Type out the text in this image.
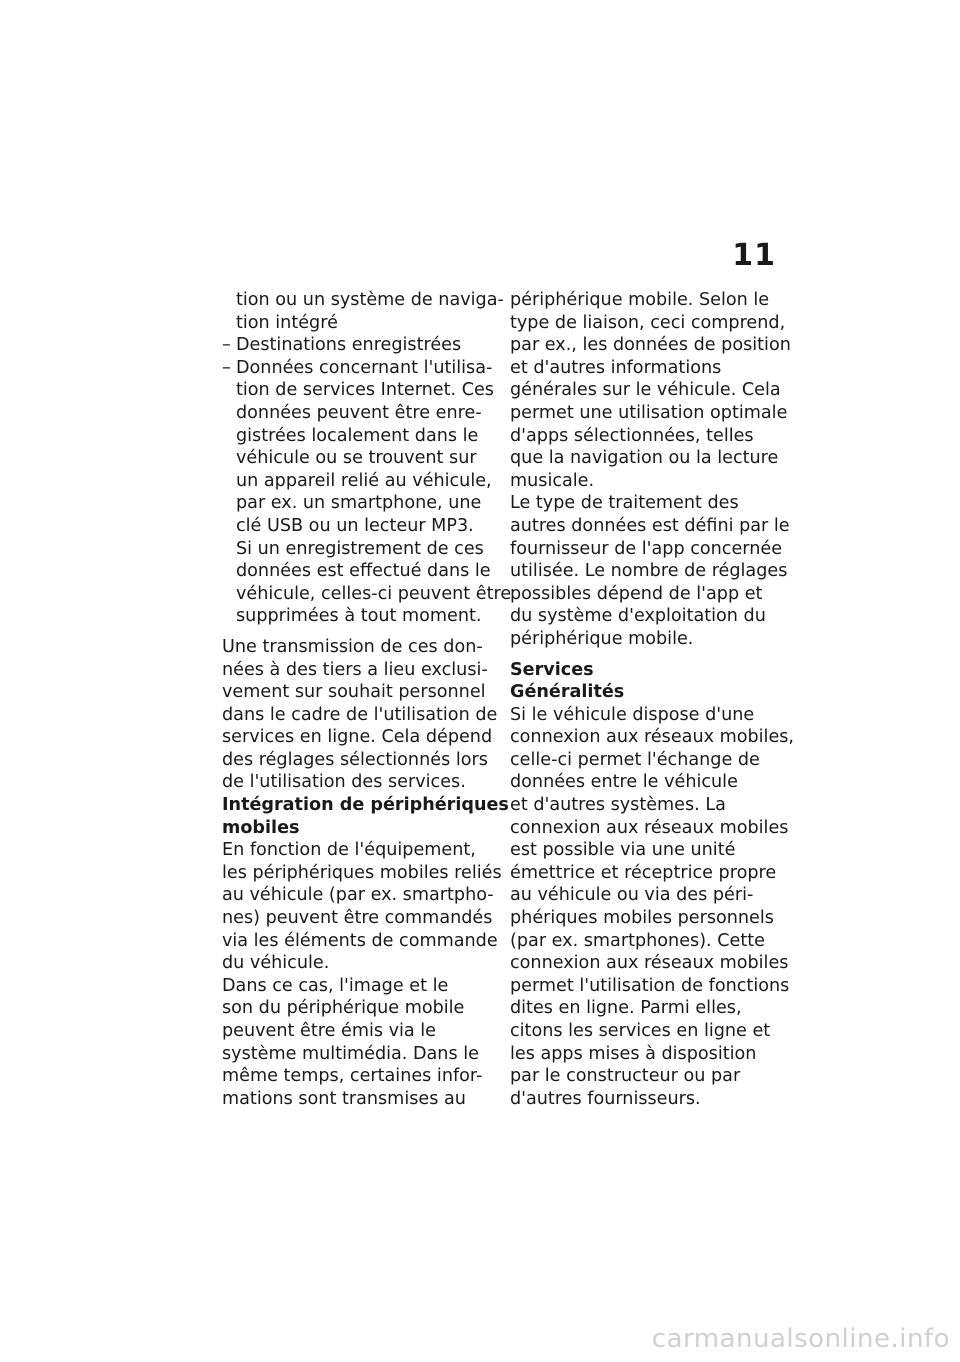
11
tion ou un système de naviga-
tion intégré
– Destinations enregistrées
– Données concernant l'utilisa-
tion de services Internet. Ces
données peuvent être enre-
gistrées localement dans le
véhicule ou se trouvent sur
un appareil relié au véhicule,
par ex. un smartphone, une
clé USB ou un lecteur MP3.
Si un enregistrement de ces
données est effectué dans le
véhicule, celles-ci peuvent être
supprimées à tout moment.
Une transmission de ces don-
nées à des tiers a lieu exclusi-
vement sur souhait personnel
dans le cadre de l'utilisation de
services en ligne. Cela dépend
des réglages sélectionnés lors
de l'utilisation des services.
Intégration de périphériques
mobiles
En fonction de l'équipement,
les périphériques mobiles reliés
au véhicule (par ex. smartpho-
nes) peuvent être commandés
via les éléments de commande
du véhicule.
Dans ce cas, l'image et le
son du périphérique mobile
peuvent être émis via le
système multimédia. Dans le
même temps, certaines infor-
mations sont transmises au
périphérique mobile. Selon le
type de liaison, ceci comprend,
par ex., les données de position
et d'autres informations
générales sur le véhicule. Cela
permet une utilisation optimale
d'apps sélectionnées, telles
que la navigation ou la lecture
musicale.
Le type de traitement des
autres données est défini par le
fournisseur de l'app concernée
utilisée. Le nombre de réglages
possibles dépend de l'app et
du système d'exploitation du
périphérique mobile.
Services
Généralités
Si le véhicule dispose d'une
connexion aux réseaux mobiles,
celle-ci permet l'échange de
données entre le véhicule
et d'autres systèmes. La
connexion aux réseaux mobiles
est possible via une unité
émettrice et réceptrice propre
au véhicule ou via des péri-
phériques mobiles personnels
(par ex. smartphones). Cette
connexion aux réseaux mobiles
permet l'utilisation de fonctions
dites en ligne. Parmi elles,
citons les services en ligne et
les apps mises à disposition
par le constructeur ou par
d'autres fournisseurs.
carmanualsonline.info
